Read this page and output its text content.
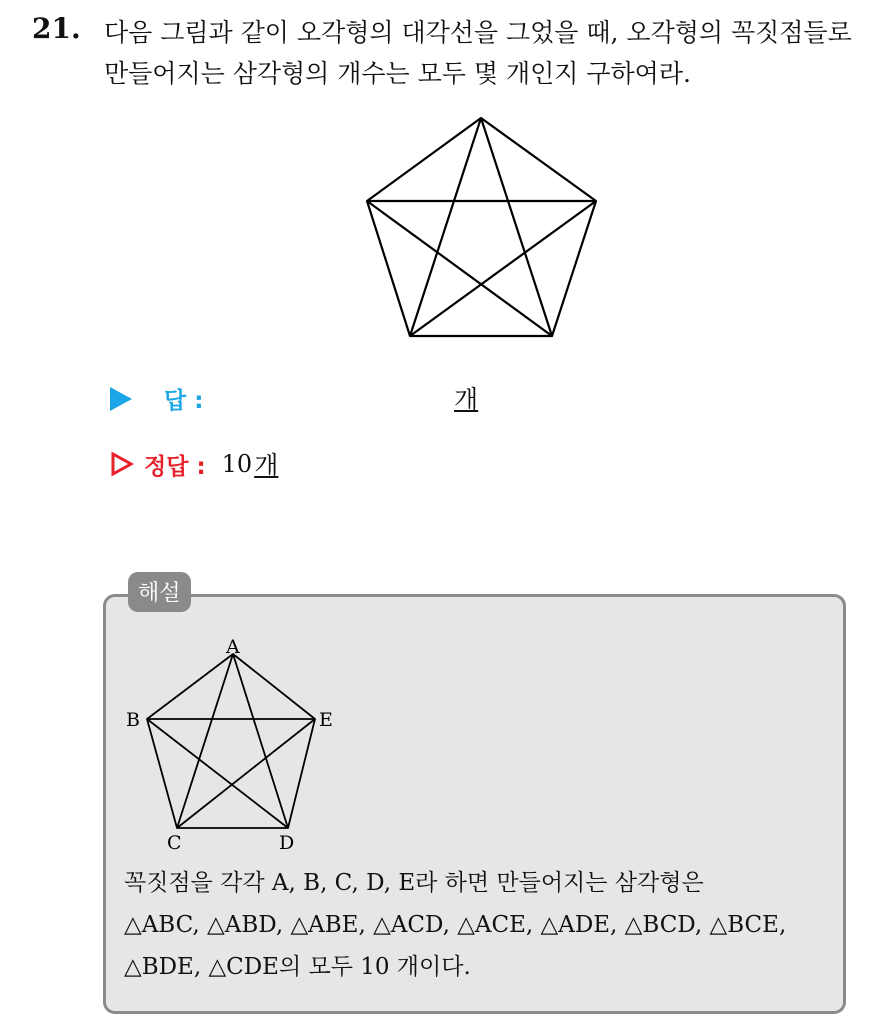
21. 다음 그림과 같이 오각형의 대각선을 그었을 때, 오각형의 꼭짓점들로
만들어지는 삼각형의 개수는 모두 몇 개인지 구하여라.
답 :	개
정답 : 10 개
해설
A
B	E
C	D
꼭짓점을 각각 A, B, C, D, E라 하면 만들어지는 삼각형은
△ABC, △ABD, △ABE, △ACD, △ACE, △ADE, △BCD, △BCE,
△BDE, △CDE의 모두 10 개이다.
